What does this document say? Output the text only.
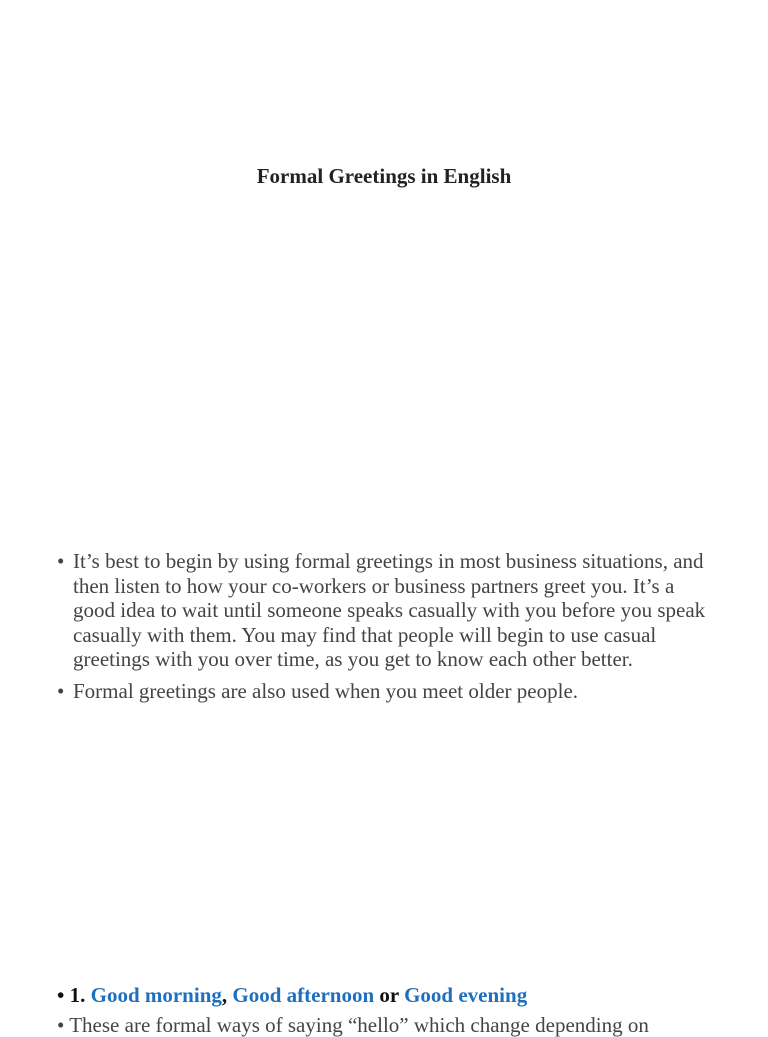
Formal Greetings in English
• It’s best to begin by using formal greetings in most business situations, and then listen to how your co-workers or business partners greet you. It’s a good idea to wait until someone speaks casually with you before you speak casually with them. You may find that people will begin to use casual greetings with you over time, as you get to know each other better.
• Formal greetings are also used when you meet older people.
• 1. Good morning, Good afternoon or Good evening
• These are formal ways of saying “hello” which change depending on
